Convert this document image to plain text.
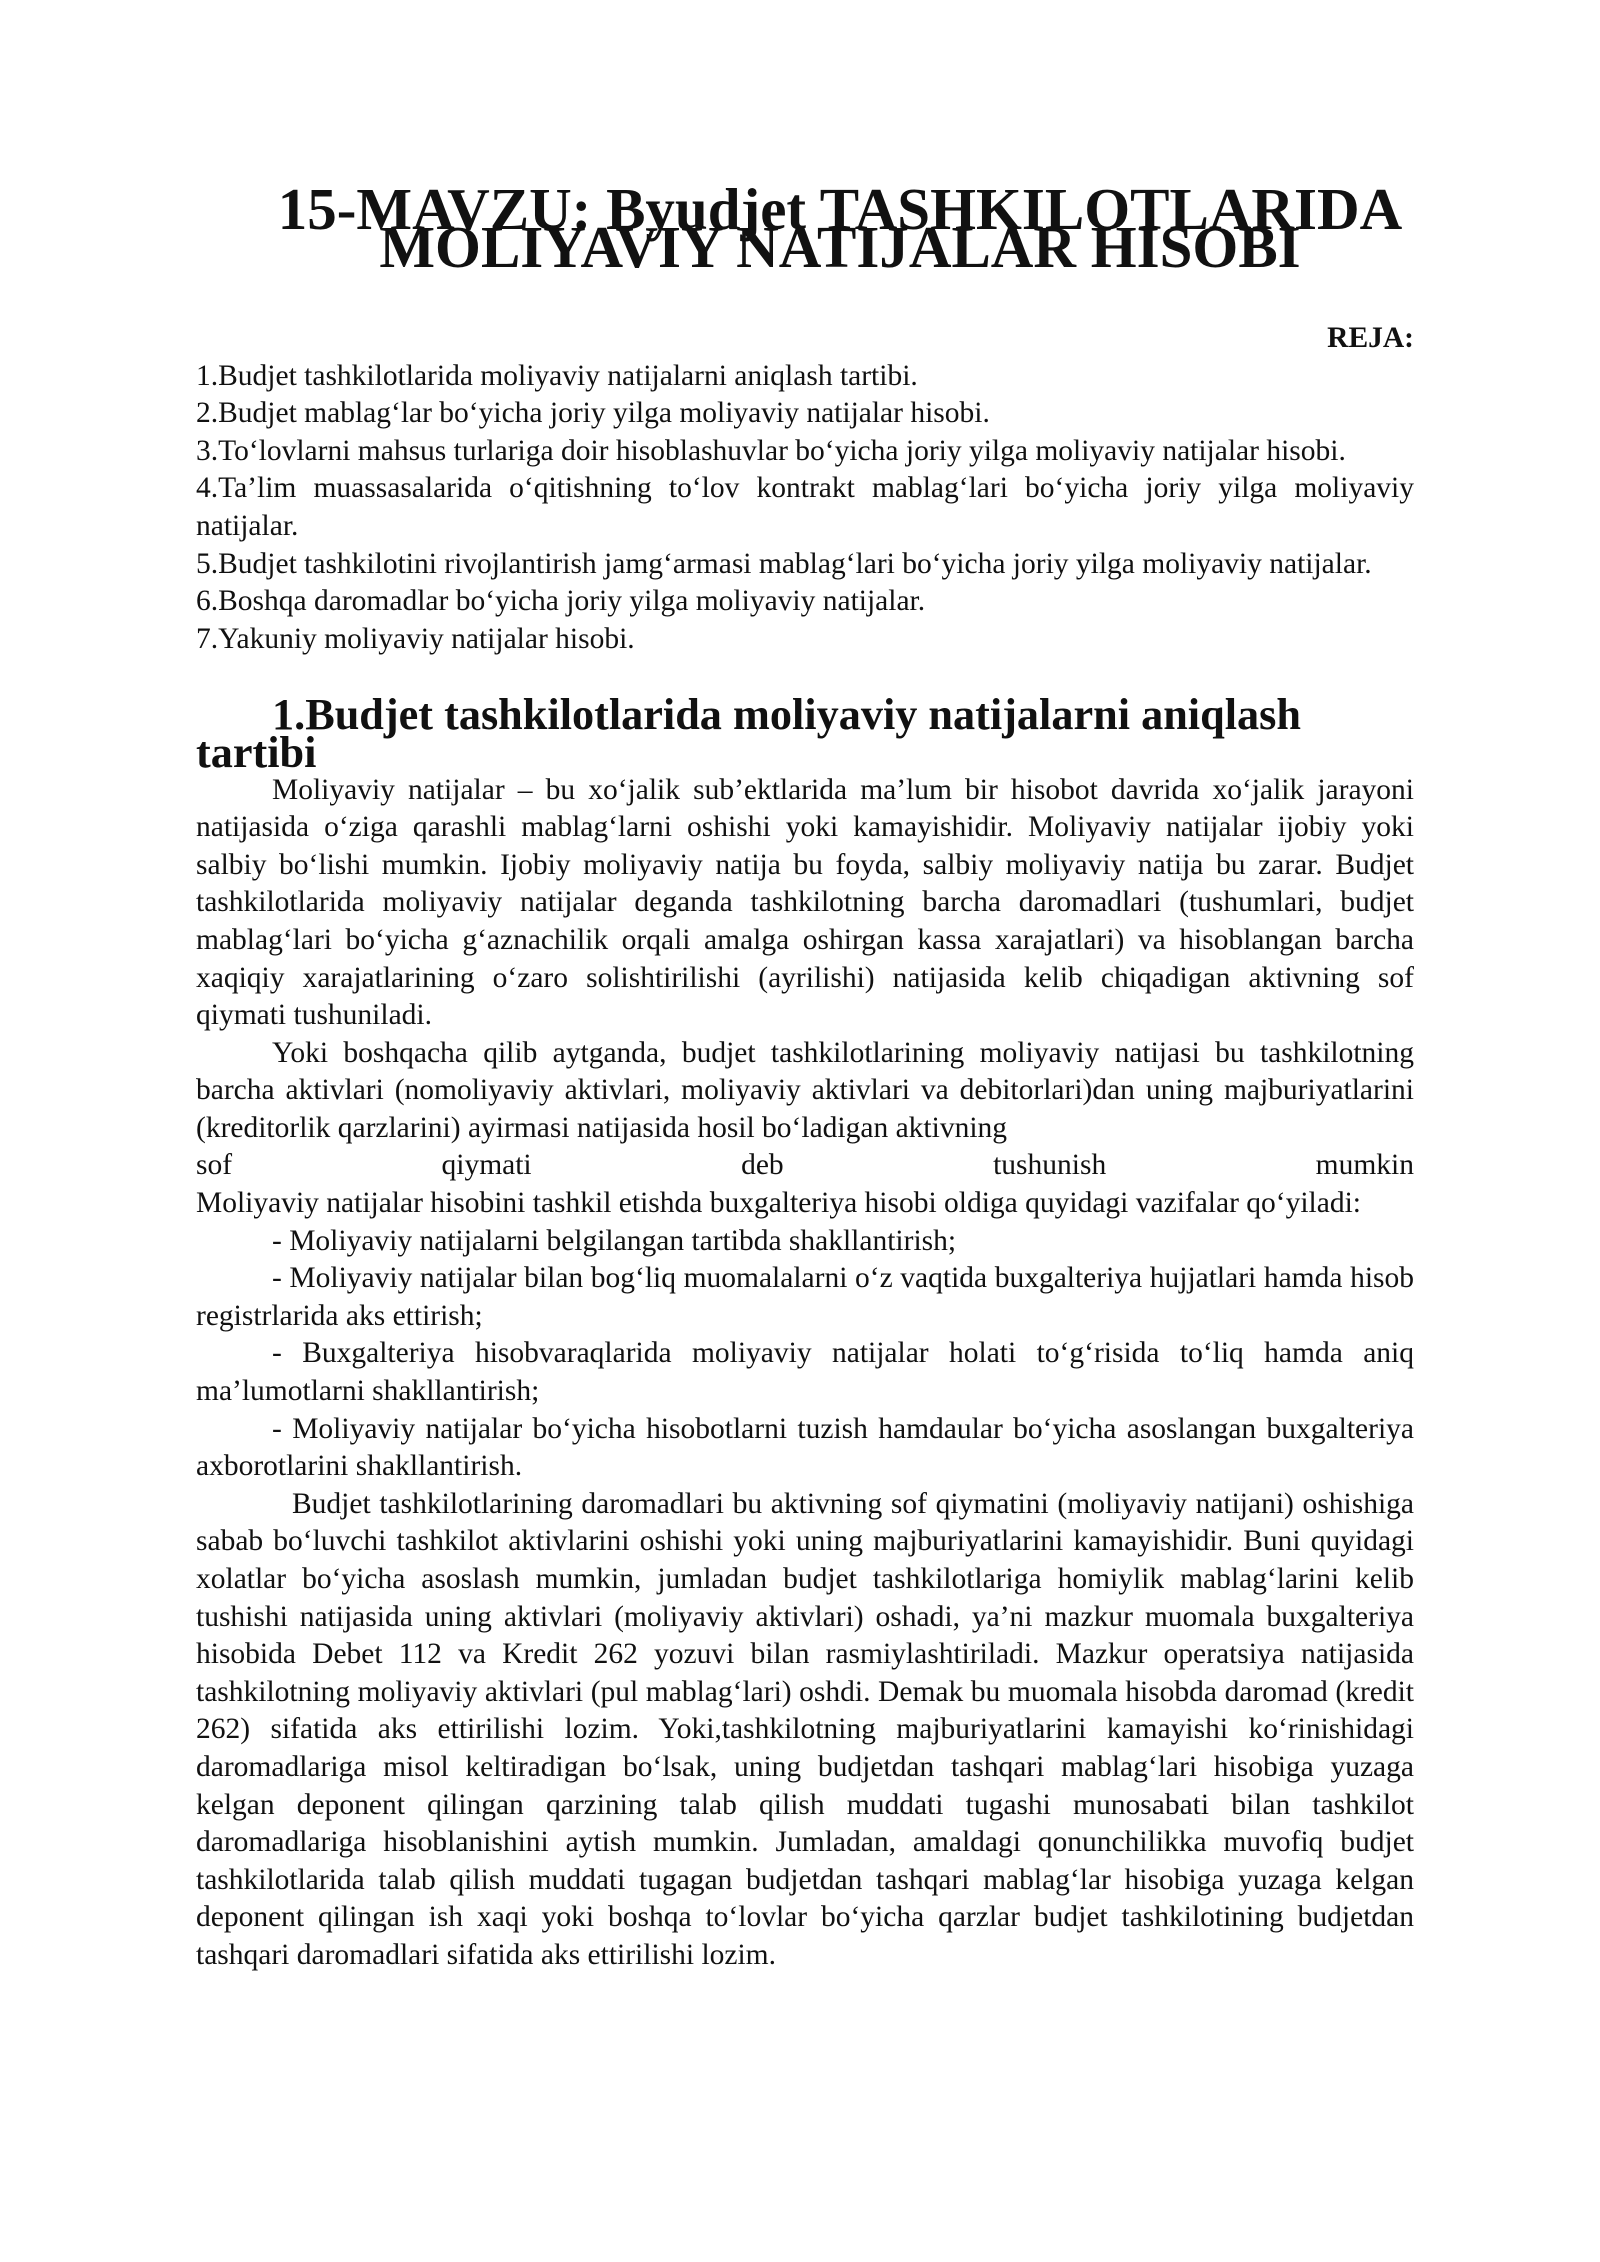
15-MAVZU: Byudjet TASHKILOTLARIDA MOLIYAVIY NATIJALAR HISOBI
REJA:
1.Budjet tashkilotlarida moliyaviy natijalarni aniqlash tartibi.
2.Budjet mablag‘lar bo‘yicha joriy yilga moliyaviy natijalar hisobi.
3.To‘lovlarni mahsus turlariga doir hisoblashuvlar bo‘yicha joriy yilga moliyaviy natijalar hisobi.
4.Ta’lim muassasalarida o‘qitishning to‘lov kontrakt mablag‘lari bo‘yicha joriy yilga moliyaviy natijalar.
5.Budjet tashkilotini rivojlantirish jamg‘armasi mablag‘lari bo‘yicha joriy yilga moliyaviy natijalar.
6.Boshqa daromadlar bo‘yicha joriy yilga moliyaviy natijalar.
7.Yakuniy moliyaviy natijalar hisobi.
1.Budjet tashkilotlarida moliyaviy natijalarni aniqlash tartibi

Moliyaviy natijalar – bu xo‘jalik sub’ektlarida ma’lum bir hisobot davrida xo‘jalik jarayoni natijasida o‘ziga qarashli mablag‘larni oshishi yoki kamayishidir. Moliyaviy natijalar ijobiy yoki salbiy bo‘lishi mumkin. Ijobiy moliyaviy natija bu foyda, salbiy moliyaviy natija bu zarar. Budjet tashkilotlarida moliyaviy natijalar deganda tashkilotning barcha daromadlari (tushumlari, budjet mablag‘lari bo‘yicha g‘aznachilik orqali amalga oshirgan kassa xarajatlari) va hisoblangan barcha xaqiqiy xarajatlarining o‘zaro solishtirilishi (ayrilishi) natijasida kelib chiqadigan aktivning sof qiymati tushuniladi.

Yoki boshqacha qilib aytganda, budjet tashkilotlarining moliyaviy natijasi bu tashkilotning barcha aktivlari (nomoliyaviy aktivlari, moliyaviy aktivlari va debitorlari)dan uning majburiyatlarini (kreditorlik qarzlarini) ayirmasi natijasida hosil bo‘ladigan aktivning

sof	qiymati	deb	tushunish	mumkin

Moliyaviy natijalar hisobini tashkil etishda buxgalteriya hisobi oldiga quyidagi vazifalar qo‘yiladi:

- Moliyaviy natijalarni belgilangan tartibda shakllantirish;
- Moliyaviy natijalar bilan bog‘liq muomalalarni o‘z vaqtida buxgalteriya hujjatlari hamda hisob registrlarida aks ettirish;
- Buxgalteriya hisobvaraqlarida moliyaviy natijalar holati to‘g‘risida to‘liq hamda aniq ma’lumotlarni shakllantirish;
- Moliyaviy natijalar bo‘yicha hisobotlarni tuzish hamdaular bo‘yicha asoslangan buxgalteriya axborotlarini shakllantirish.

Budjet tashkilotlarining daromadlari bu aktivning sof qiymatini (moliyaviy natijani) oshishiga sabab bo‘luvchi tashkilot aktivlarini oshishi yoki uning majburiyatlarini kamayishidir. Buni quyidagi xolatlar bo‘yicha asoslash mumkin, jumladan budjet tashkilotlariga homiylik mablag‘larini kelib tushishi natijasida uning aktivlari (moliyaviy aktivlari) oshadi, ya’ni mazkur muomala buxgalteriya hisobida Debet 112 va Kredit 262 yozuvi bilan rasmiylashtiriladi. Mazkur operatsiya natijasida tashkilotning moliyaviy aktivlari (pul mablag‘lari) oshdi. Demak bu muomala hisobda daromad (kredit 262) sifatida aks ettirilishi lozim. Yoki,tashkilotning majburiyatlarini kamayishi ko‘rinishidagi daromadlariga misol keltiradigan bo‘lsak, uning budjetdan tashqari mablag‘lari hisobiga yuzaga kelgan deponent qilingan qarzining talab qilish muddati tugashi munosabati bilan tashkilot daromadlariga hisoblanishini aytish mumkin. Jumladan, amaldagi qonunchilikka muvofiq budjet tashkilotlarida talab qilish muddati tugagan budjetdan tashqari mablag‘lar hisobiga yuzaga kelgan deponent qilingan ish xaqi yoki boshqa to‘lovlar bo‘yicha qarzlar budjet tashkilotining budjetdan tashqari daromadlari sifatida aks ettirilishi lozim.
